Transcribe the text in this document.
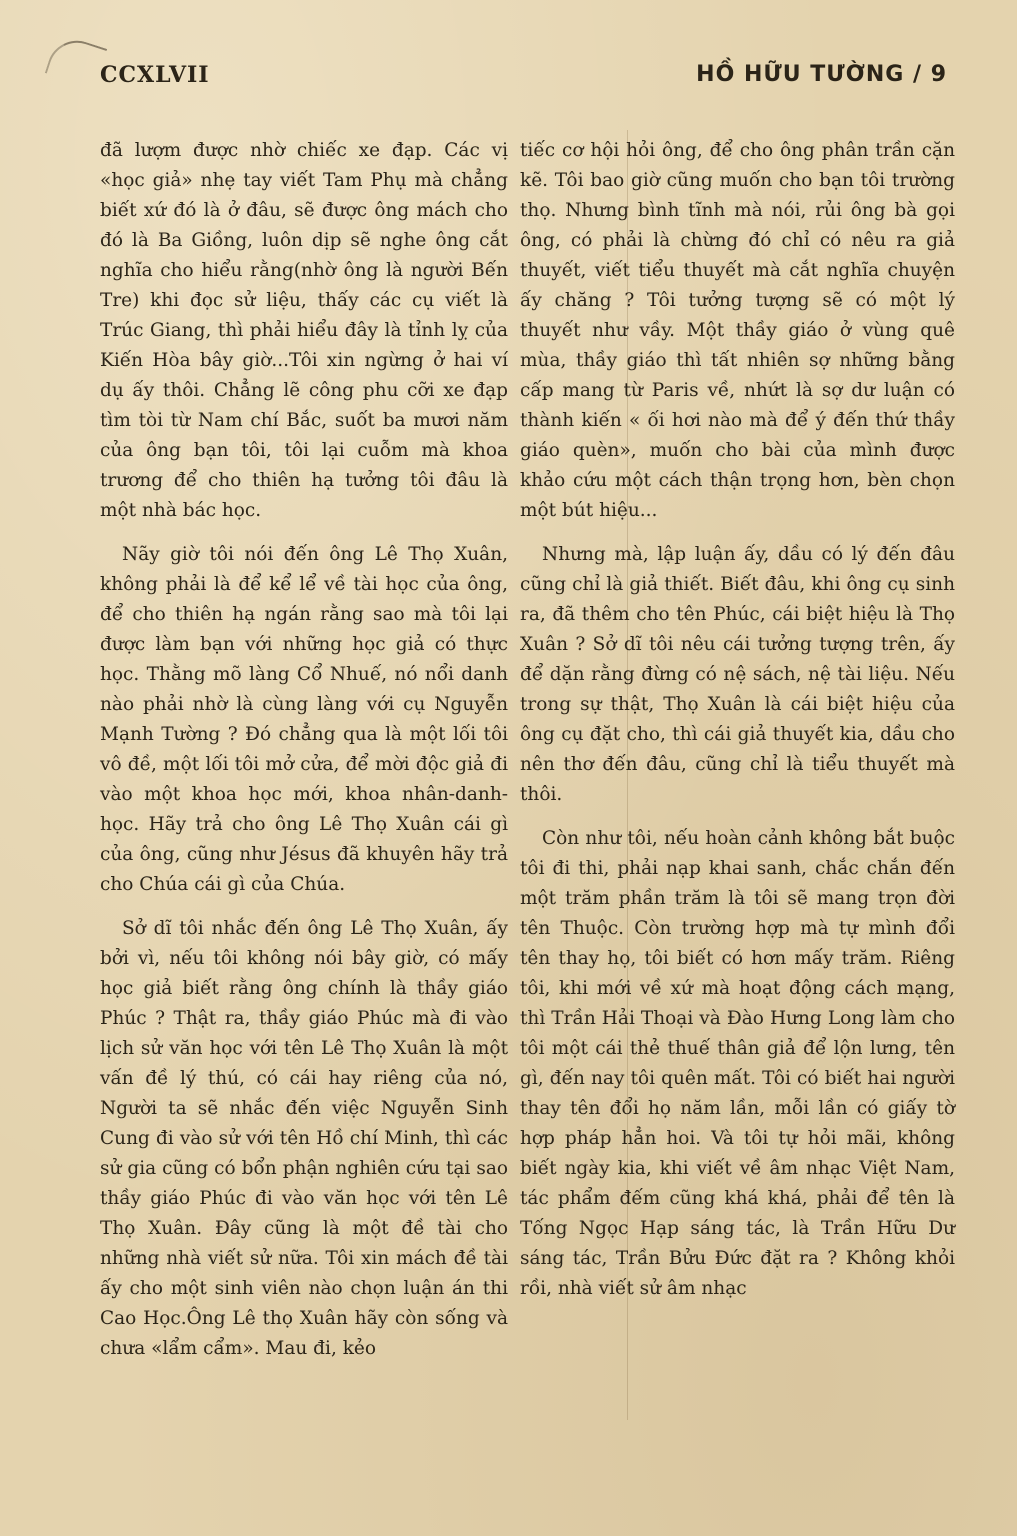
CCXLVII	HỒ HỮU TƯỜNG / 9

đã lượm được nhờ chiếc xe đạp. Các vị «học giả» nhẹ tay viết Tam Phụ mà chẳng biết xứ đó là ở đâu, sẽ được ông mách cho đó là Ba Giồng, luôn dịp sẽ nghe ông cắt nghĩa cho hiểu rằng(nhờ ông là người Bến Tre) khi đọc sử liệu, thấy các cụ viết là Trúc Giang, thì phải hiểu đây là tỉnh lỵ của Kiến Hòa bây giờ...Tôi xin ngừng ở hai ví dụ ấy thôi. Chẳng lẽ công phu cỡi xe đạp tìm tòi từ Nam chí Bắc, suốt ba mươi năm của ông bạn tôi, tôi lại cuỗm mà khoa trương để cho thiên hạ tưởng tôi đâu là một nhà bác học.

Nãy giờ tôi nói đến ông Lê Thọ Xuân, không phải là để kể lể về tài học của ông, để cho thiên hạ ngán rằng sao mà tôi lại được làm bạn với những học giả có thực học. Thằng mõ làng Cổ Nhuế, nó nổi danh nào phải nhờ là cùng làng với cụ Nguyễn Mạnh Tường ? Đó chẳng qua là một lối tôi vô đề, một lối tôi mở cửa, để mời độc giả đi vào một khoa học mới, khoa nhân-danh-học. Hãy trả cho ông Lê Thọ Xuân cái gì của ông, cũng như Jésus đã khuyên hãy trả cho Chúa cái gì của Chúa.

Sở dĩ tôi nhắc đến ông Lê Thọ Xuân, ấy bởi vì, nếu tôi không nói bây giờ, có mấy học giả biết rằng ông chính là thầy giáo Phúc ? Thật ra, thầy giáo Phúc mà đi vào lịch sử văn học với tên Lê Thọ Xuân là một vấn đề lý thú, có cái hay riêng của nó, Người ta sẽ nhắc đến việc Nguyễn Sinh Cung đi vào sử với tên Hồ chí Minh, thì các sử gia cũng có bổn phận nghiên cứu tại sao thầy giáo Phúc đi vào văn học với tên Lê Thọ Xuân. Đây cũng là một đề tài cho những nhà viết sử nữa. Tôi xin mách đề tài ấy cho một sinh viên nào chọn luận án thi Cao Học.Ông Lê thọ Xuân hãy còn sống và chưa «lẩm cẩm». Mau đi, kẻo

tiếc cơ hội hỏi ông, để cho ông phân trần cặn kẽ. Tôi bao giờ cũng muốn cho bạn tôi trường thọ. Nhưng bình tĩnh mà nói, rủi ông bà gọi ông, có phải là chừng đó chỉ có nêu ra giả thuyết, viết tiểu thuyết mà cắt nghĩa chuyện ấy chăng ? Tôi tưởng tượng sẽ có một lý thuyết như vầy. Một thầy giáo ở vùng quê mùa, thầy giáo thì tất nhiên sợ những bằng cấp mang từ Paris về, nhứt là sợ dư luận có thành kiến « ối hơi nào mà để ý đến thứ thầy giáo quèn», muốn cho bài của mình được khảo cứu một cách thận trọng hơn, bèn chọn một bút hiệu...

Nhưng mà, lập luận ấy, dầu có lý đến đâu cũng chỉ là giả thiết. Biết đâu, khi ông cụ sinh ra, đã thêm cho tên Phúc, cái biệt hiệu là Thọ Xuân ? Sở dĩ tôi nêu cái tưởng tượng trên, ấy để dặn rằng đừng có nệ sách, nệ tài liệu. Nếu trong sự thật, Thọ Xuân là cái biệt hiệu của ông cụ đặt cho, thì cái giả thuyết kia, dầu cho nên thơ đến đâu, cũng chỉ là tiểu thuyết mà thôi.

Còn như tôi, nếu hoàn cảnh không bắt buộc tôi đi thi, phải nạp khai sanh, chắc chắn đến một trăm phần trăm là tôi sẽ mang trọn đời tên Thuộc. Còn trường hợp mà tự mình đổi tên thay họ, tôi biết có hơn mấy trăm. Riêng tôi, khi mới về xứ mà hoạt động cách mạng, thì Trần Hải Thoại và Đào Hưng Long làm cho tôi một cái thẻ thuế thân giả để lộn lưng, tên gì, đến nay tôi quên mất. Tôi có biết hai người thay tên đổi họ năm lần, mỗi lần có giấy tờ hợp pháp hẳn hoi. Và tôi tự hỏi mãi, không biết ngày kia, khi viết về âm nhạc Việt Nam, tác phẩm đếm cũng khá khá, phải để tên là Tống Ngọc Hạp sáng tác, là Trần Hữu Dư sáng tác, Trần Bửu Đức đặt ra ? Không khỏi rồi, nhà viết sử âm nhạc
